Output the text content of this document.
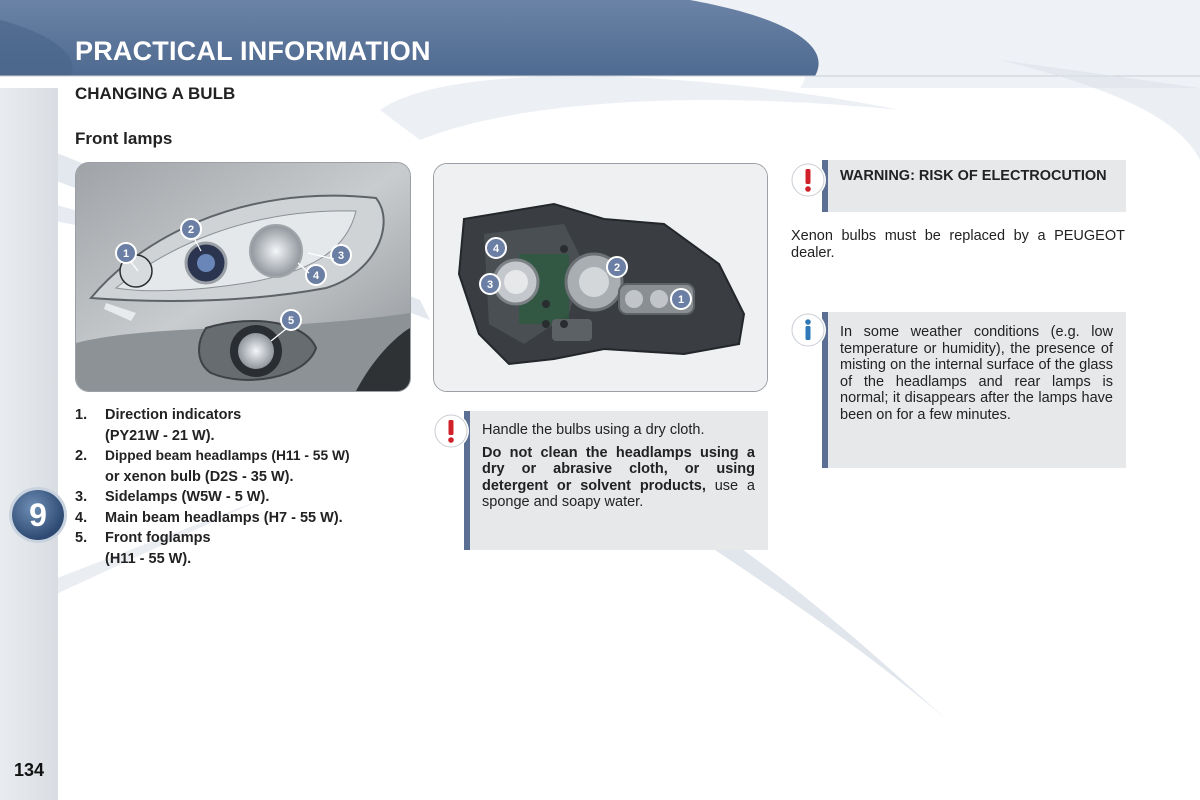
PRACTICAL INFORMATION
CHANGING A BULB
Front lamps
1
2
3
4
5
4
3
2
1
1.	Direction indicators
(PY21W - 21 W).
2.	Dipped beam headlamps (H11 - 55 W)
or xenon bulb (D2S - 35 W).
3.	Sidelamps (W5W - 5 W).
4.	Main beam headlamps (H7 - 55 W).
5.	Front foglamps
(H11 - 55 W).
Handle the bulbs using a dry cloth.
Do not clean the headlamps using a dry or abrasive cloth, or using detergent or solvent products, use a sponge and soapy water.
WARNING: RISK OF ELECTROCUTION
Xenon bulbs must be replaced by a PEUGEOT dealer.
In some weather conditions (e.g. low temperature or humidity), the presence of misting on the internal surface of the glass of the headlamps and rear lamps is normal; it disappears after the lamps have been on for a few minutes.
9
134
